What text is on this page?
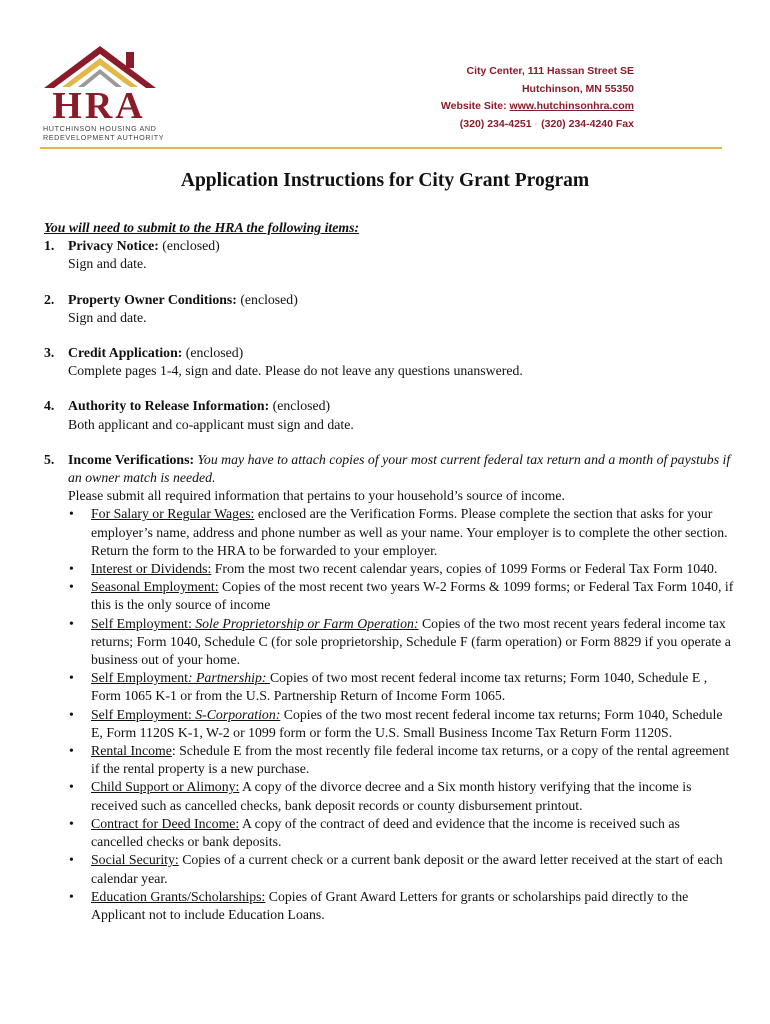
HRA
HUTCHINSON HOUSING AND
REDEVELOPMENT AUTHORITY
City Center, 111 Hassan Street SE
Hutchinson, MN 55350
Website Site: www.hutchinsonhra.com
(320) 234-4251 ◦ (320) 234-4240 Fax
Application Instructions for City Grant Program
You will need to submit to the HRA the following items:
1. Privacy Notice: (enclosed)
Sign and date.
2. Property Owner Conditions: (enclosed)
Sign and date.
3. Credit Application: (enclosed)
Complete pages 1-4, sign and date. Please do not leave any questions unanswered.
4. Authority to Release Information: (enclosed)
Both applicant and co-applicant must sign and date.
5. Income Verifications: You may have to attach copies of your most current federal tax return and a month of paystubs if an owner match is needed.
Please submit all required information that pertains to your household’s source of income.
• For Salary or Regular Wages: enclosed are the Verification Forms. Please complete the section that asks for your employer’s name, address and phone number as well as your name. Your employer is to complete the other section. Return the form to the HRA to be forwarded to your employer.
• Interest or Dividends: From the most two recent calendar years, copies of 1099 Forms or Federal Tax Form 1040.
• Seasonal Employment: Copies of the most recent two years W-2 Forms & 1099 forms; or Federal Tax Form 1040, if this is the only source of income
• Self Employment: Sole Proprietorship or Farm Operation: Copies of the two most recent years federal income tax returns; Form 1040, Schedule C (for sole proprietorship, Schedule F (farm operation) or Form 8829 if you operate a business out of your home.
• Self Employment: Partnership: Copies of two most recent federal income tax returns; Form 1040, Schedule E , Form 1065 K-1 or from the U.S. Partnership Return of Income Form 1065.
• Self Employment: S-Corporation: Copies of the two most recent federal income tax returns; Form 1040, Schedule E, Form 1120S K-1, W-2 or 1099 form or form the U.S. Small Business Income Tax Return Form 1120S.
• Rental Income: Schedule E from the most recently file federal income tax returns, or a copy of the rental agreement if the rental property is a new purchase.
• Child Support or Alimony: A copy of the divorce decree and a Six month history verifying that the income is received such as cancelled checks, bank deposit records or county disbursement printout.
• Contract for Deed Income: A copy of the contract of deed and evidence that the income is received such as cancelled checks or bank deposits.
• Social Security: Copies of a current check or a current bank deposit or the award letter received at the start of each calendar year.
• Education Grants/Scholarships: Copies of Grant Award Letters for grants or scholarships paid directly to the Applicant not to include Education Loans.
